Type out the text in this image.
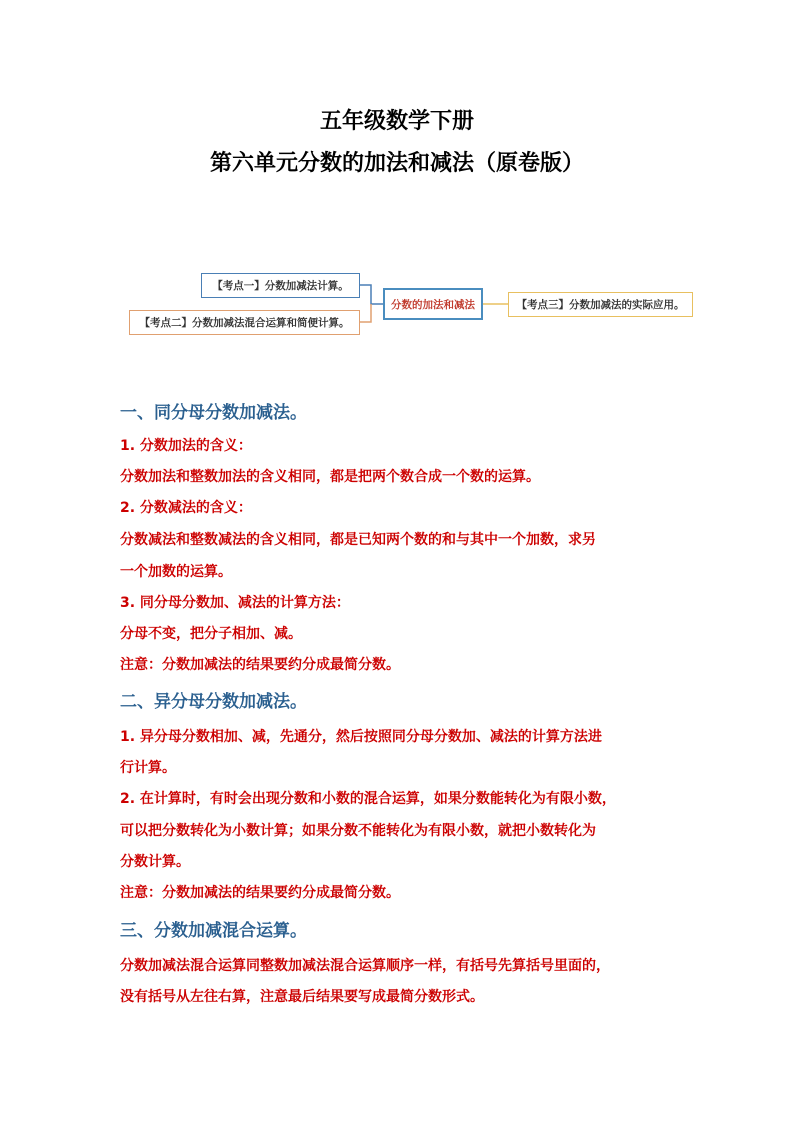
五年级数学下册
第六单元分数的加法和减法（原卷版）
【考点一】分数加减法计算。
【考点二】分数加减法混合运算和简便计算。
分数的加法和减法	【考点三】分数加减法的实际应用。
一、同分母分数加减法。
1. 分数加法的含义：
分数加法和整数加法的含义相同，都是把两个数合成一个数的运算。
2. 分数减法的含义：
分数减法和整数减法的含义相同，都是已知两个数的和与其中一个加数，求另
一个加数的运算。
3. 同分母分数加、减法的计算方法：
分母不变，把分子相加、减。
注意：分数加减法的结果要约分成最简分数。
二、异分母分数加减法。
1. 异分母分数相加、减，先通分，然后按照同分母分数加、减法的计算方法进
行计算。
2. 在计算时，有时会出现分数和小数的混合运算，如果分数能转化为有限小数，
可以把分数转化为小数计算；如果分数不能转化为有限小数，就把小数转化为
分数计算。
注意：分数加减法的结果要约分成最简分数。
三、分数加减混合运算。
分数加减法混合运算同整数加减法混合运算顺序一样，有括号先算括号里面的，
没有括号从左往右算，注意最后结果要写成最简分数形式。
